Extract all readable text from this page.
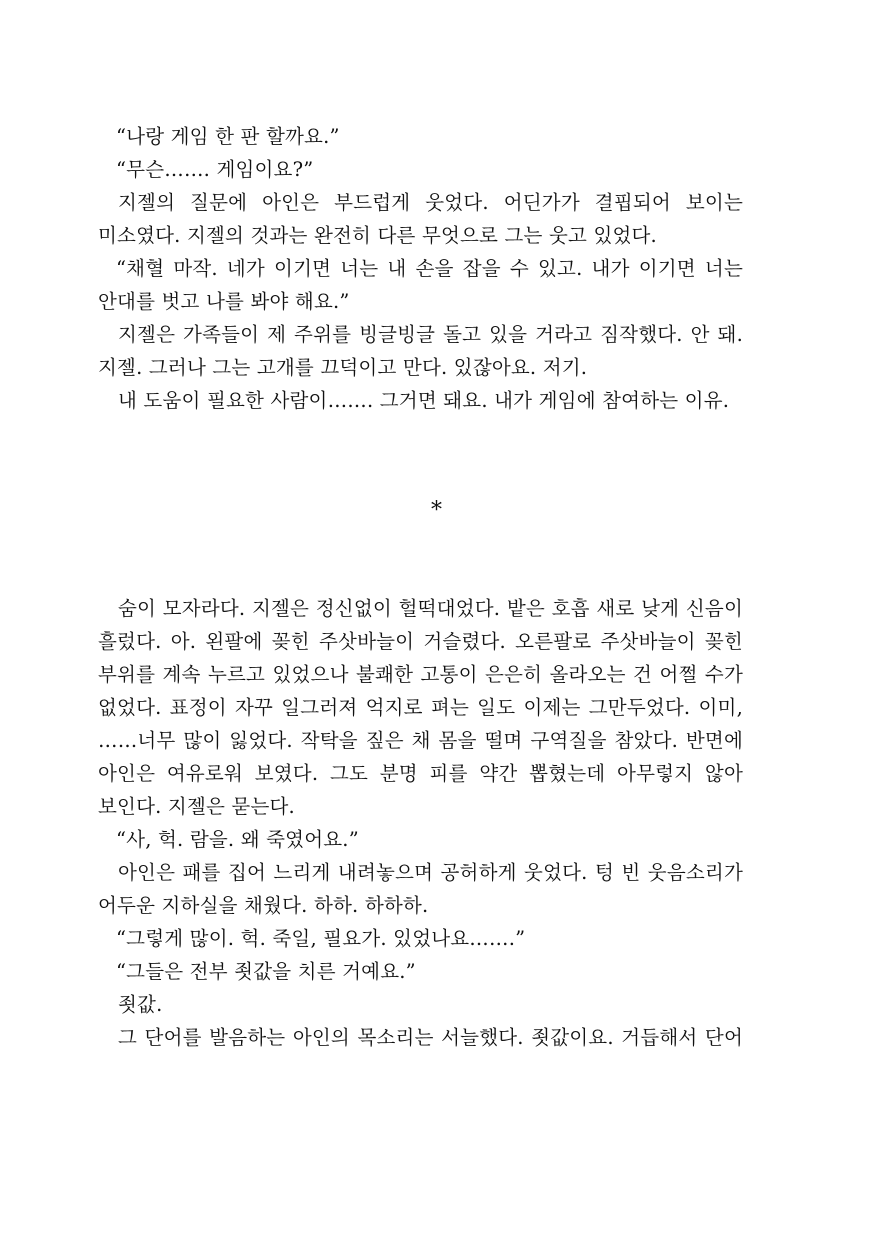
“나랑 게임 한 판 할까요.”

“무슨……. 게임이요?”

지젤의 질문에 아인은 부드럽게 웃었다. 어딘가가 결핍되어 보이는 미소였다. 지젤의 것과는 완전히 다른 무엇으로 그는 웃고 있었다.

“채혈 마작. 네가 이기면 너는 내 손을 잡을 수 있고. 내가 이기면 너는 안대를 벗고 나를 봐야 해요.”

지젤은 가족들이 제 주위를 빙글빙글 돌고 있을 거라고 짐작했다. 안 돼. 지젤. 그러나 그는 고개를 끄덕이고 만다. 있잖아요. 저기.

내 도움이 필요한 사람이……. 그거면 돼요. 내가 게임에 참여하는 이유.

*

숨이 모자라다. 지젤은 정신없이 헐떡대었다. 밭은 호흡 새로 낮게 신음이 흘렀다. 아. 왼팔에 꽂힌 주삿바늘이 거슬렸다. 오른팔로 주삿바늘이 꽂힌 부위를 계속 누르고 있었으나 불쾌한 고통이 은은히 올라오는 건 어쩔 수가 없었다. 표정이 자꾸 일그러져 억지로 펴는 일도 이제는 그만두었다. 이미, ……너무 많이 잃었다. 작탁을 짚은 채 몸을 떨며 구역질을 참았다. 반면에 아인은 여유로워 보였다. 그도 분명 피를 약간 뽑혔는데 아무렇지 않아 보인다. 지젤은 묻는다.

“사, 헉. 람을. 왜 죽였어요.”

아인은 패를 집어 느리게 내려놓으며 공허하게 웃었다. 텅 빈 웃음소리가 어두운 지하실을 채웠다. 하하. 하하하.

“그렇게 많이. 헉. 죽일, 필요가. 있었나요…….”

“그들은 전부 죗값을 치른 거예요.”

죗값.

그 단어를 발음하는 아인의 목소리는 서늘했다. 죗값이요. 거듭해서 단어
